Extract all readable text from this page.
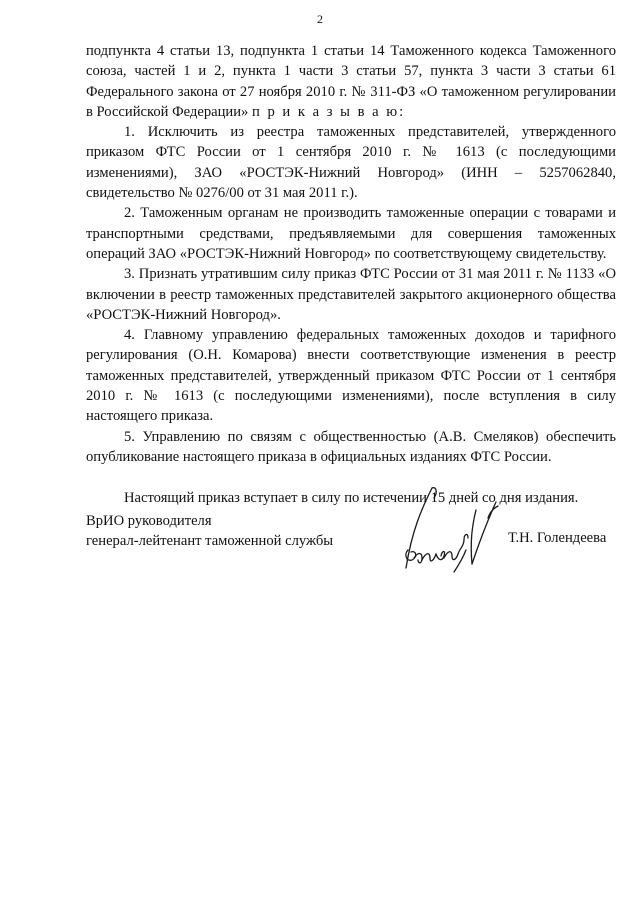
2

подпункта 4 статьи 13, подпункта 1 статьи 14 Таможенного кодекса Таможенного союза, частей 1 и 2, пункта 1 части 3 статьи 57, пункта 3 части 3 статьи 61 Федерального закона от 27 ноября 2010 г. № 311-ФЗ «О таможенном регулировании в Российской Федерации» п р и к а з ы в а ю:

1. Исключить из реестра таможенных представителей, утвержденного приказом ФТС России от 1 сентября 2010 г. № 1613 (с последующими изменениями), ЗАО «РОСТЭК-Нижний Новгород» (ИНН – 5257062840, свидетельство № 0276/00 от 31 мая 2011 г.).

2. Таможенным органам не производить таможенные операции с товарами и транспортными средствами, предъявляемыми для совершения таможенных операций ЗАО «РОСТЭК-Нижний Новгород» по соответствующему свидетельству.

3. Признать утратившим силу приказ ФТС России от 31 мая 2011 г. № 1133 «О включении в реестр таможенных представителей закрытого акционерного общества «РОСТЭК-Нижний Новгород».

4. Главному управлению федеральных таможенных доходов и тарифного регулирования (О.Н. Комарова) внести соответствующие изменения в реестр таможенных представителей, утвержденный приказом ФТС России от 1 сентября 2010 г. № 1613 (с последующими изменениями), после вступления в силу настоящего приказа.

5. Управлению по связям с общественностью (А.В. Смеляков) обеспечить опубликование настоящего приказа в официальных изданиях ФТС России.

Настоящий приказ вступает в силу по истечении 15 дней со дня издания.

ВрИО руководителя

генерал-лейтенант таможенной службы	Т.Н. Голендеева
